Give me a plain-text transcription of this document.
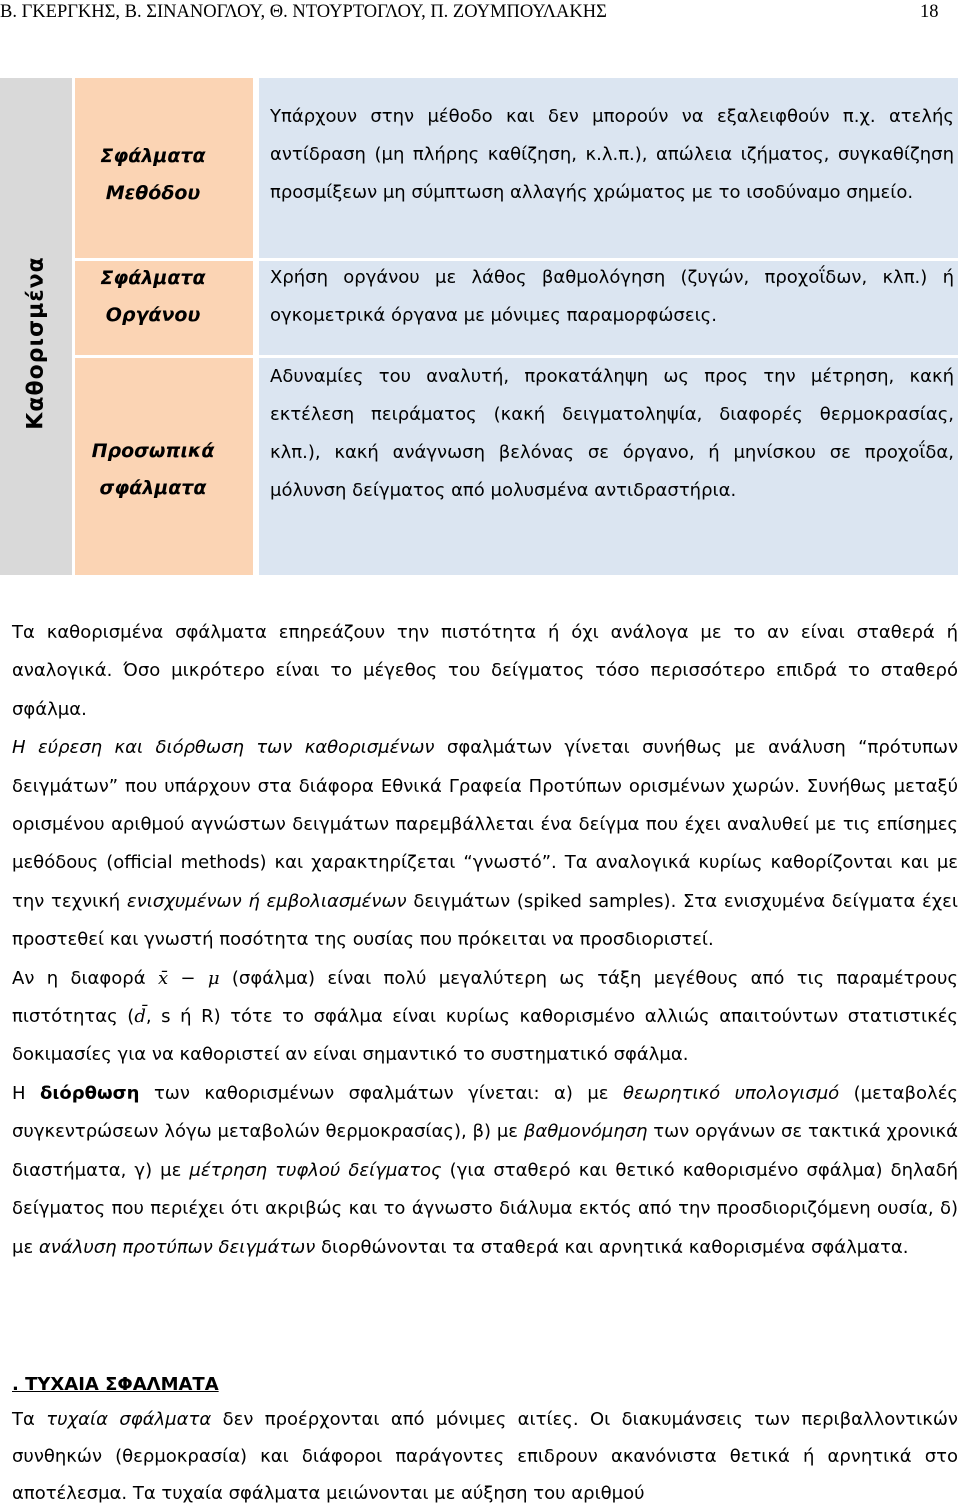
Β. ΓΚΕΡΓΚΗΣ, Β. ΣΙΝΑΝΟΓΛΟΥ, Θ. ΝΤΟΥΡΤΟΓΛΟΥ, Π. ΖΟΥΜΠΟΥΛΑΚΗΣ	18
Καθορισμένα
Σφάλματα
Μεθόδου
Υπάρχουν στην μέθοδο και δεν μπορούν να εξαλειφθούν π.χ. ατελής αντίδραση (μη πλήρης καθίζηση, κ.λ.π.), απώλεια ιζήματος, συγκαθίζηση προσμίξεων μη σύμπτωση αλλαγής χρώματος με το ισοδύναμο σημείο.
Σφάλματα
Οργάνου
Χρήση οργάνου με λάθος βαθμολόγηση (ζυγών, προχοΐδων, κλπ.) ή ογκομετρικά όργανα με μόνιμες παραμορφώσεις.
Προσωπικά
σφάλματα
Αδυναμίες του αναλυτή, προκατάληψη ως προς την μέτρηση, κακή εκτέλεση πειράματος (κακή δειγματοληψία, διαφορές θερμοκρασίας, κλπ.), κακή ανάγνωση βελόνας σε όργανο, ή μηνίσκου σε προχοΐδα, μόλυνση δείγματος από μολυσμένα αντιδραστήρια.

Τα καθορισμένα σφάλματα επηρεάζουν την πιστότητα ή όχι ανάλογα με το αν είναι σταθερά ή αναλογικά. Όσο μικρότερο είναι το μέγεθος του δείγματος τόσο περισσότερο επιδρά το σταθερό σφάλμα.

Η εύρεση και διόρθωση των καθορισμένων σφαλμάτων γίνεται συνήθως με ανάλυση “πρότυπων δειγμάτων” που υπάρχουν στα διάφορα Εθνικά Γραφεία Προτύπων ορισμένων χωρών. Συνήθως μεταξύ ορισμένου αριθμού αγνώστων δειγμάτων παρεμβάλλεται ένα δείγμα που έχει αναλυθεί με τις επίσημες μεθόδους (official methods) και χαρακτηρίζεται “γνωστό”. Τα αναλογικά κυρίως καθορίζονται και με την τεχνική ενισχυμένων ή εμβολιασμένων δειγμάτων (spiked samples). Στα ενισχυμένα δείγματα έχει προστεθεί και γνωστή ποσότητα της ουσίας που πρόκειται να προσδιοριστεί.

Αν η διαφορά x̄ − μ (σφάλμα) είναι πολύ μεγαλύτερη ως τάξη μεγέθους από τις παραμέτρους πιστότητας (d̄, s ή R) τότε το σφάλμα είναι κυρίως καθορισμένο αλλιώς απαιτούντων στατιστικές δοκιμασίες για να καθοριστεί αν είναι σημαντικό το συστηματικό σφάλμα.

Η διόρθωση των καθορισμένων σφαλμάτων γίνεται: α) με θεωρητικό υπολογισμό (μεταβολές συγκεντρώσεων λόγω μεταβολών θερμοκρασίας), β) με βαθμονόμηση των οργάνων σε τακτικά χρονικά διαστήματα, γ) με μέτρηση τυφλού δείγματος (για σταθερό και θετικό καθορισμένο σφάλμα) δηλαδή δείγματος που περιέχει ότι ακριβώς και το άγνωστο διάλυμα εκτός από την προσδιοριζόμενη ουσία, δ) με ανάλυση προτύπων δειγμάτων διορθώνονται τα σταθερά και αρνητικά καθορισμένα σφάλματα.

. ΤΥΧΑΙΑ ΣΦΑΛΜΑΤΑ

Τα τυχαία σφάλματα δεν προέρχονται από μόνιμες αιτίες. Οι διακυμάνσεις των περιβαλλοντικών συνθηκών (θερμοκρασία) και διάφοροι παράγοντες επιδρουν ακανόνιστα θετικά ή αρνητικά στο αποτέλεσμα. Τα τυχαία σφάλματα μειώνονται με αύξηση του αριθμού
